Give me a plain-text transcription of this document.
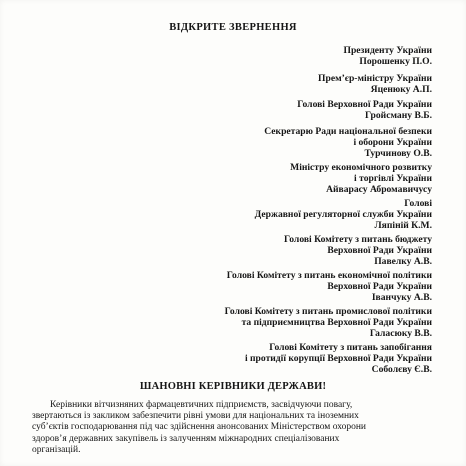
ВІДКРИТЕ ЗВЕРНЕННЯ
Президенту України
Порошенку П.О.
Прем’єр-міністру України
Яценюку А.П.
Голові Верховної Ради України
Гройсману В.Б.
Секретарю Ради національної безпеки
і оборони України
Турчинову О.В.
Міністру економічного розвитку
і торгівлі України
Айварасу Абромавичусу
Голові
Державної регуляторної служби України
Ляпіній К.М.
Голові Комітету з питань бюджету
Верховної Ради України
Павелку А.В.
Голові Комітету з питань економічної політики
Верховної Ради України
Іванчуку А.В.
Голові Комітету з питань промислової політики
та підприємництва Верховної Ради України
Галасюку В.В.
Голові Комітету з питань запобігання
і протидії корупції Верховної Ради України
Соболєву Є.В.
ШАНОВНІ КЕРІВНИКИ ДЕРЖАВИ!
Керівники вітчизняних фармацевтичних підприємств, засвідчуючи повагу,
звертаються із закликом забезпечити рівні умови для національних та іноземних
суб’єктів господарювання під час здійснення анонсованих Міністерством охорони
здоров’я державних закупівель із залученням міжнародних спеціалізованих
організацій.
